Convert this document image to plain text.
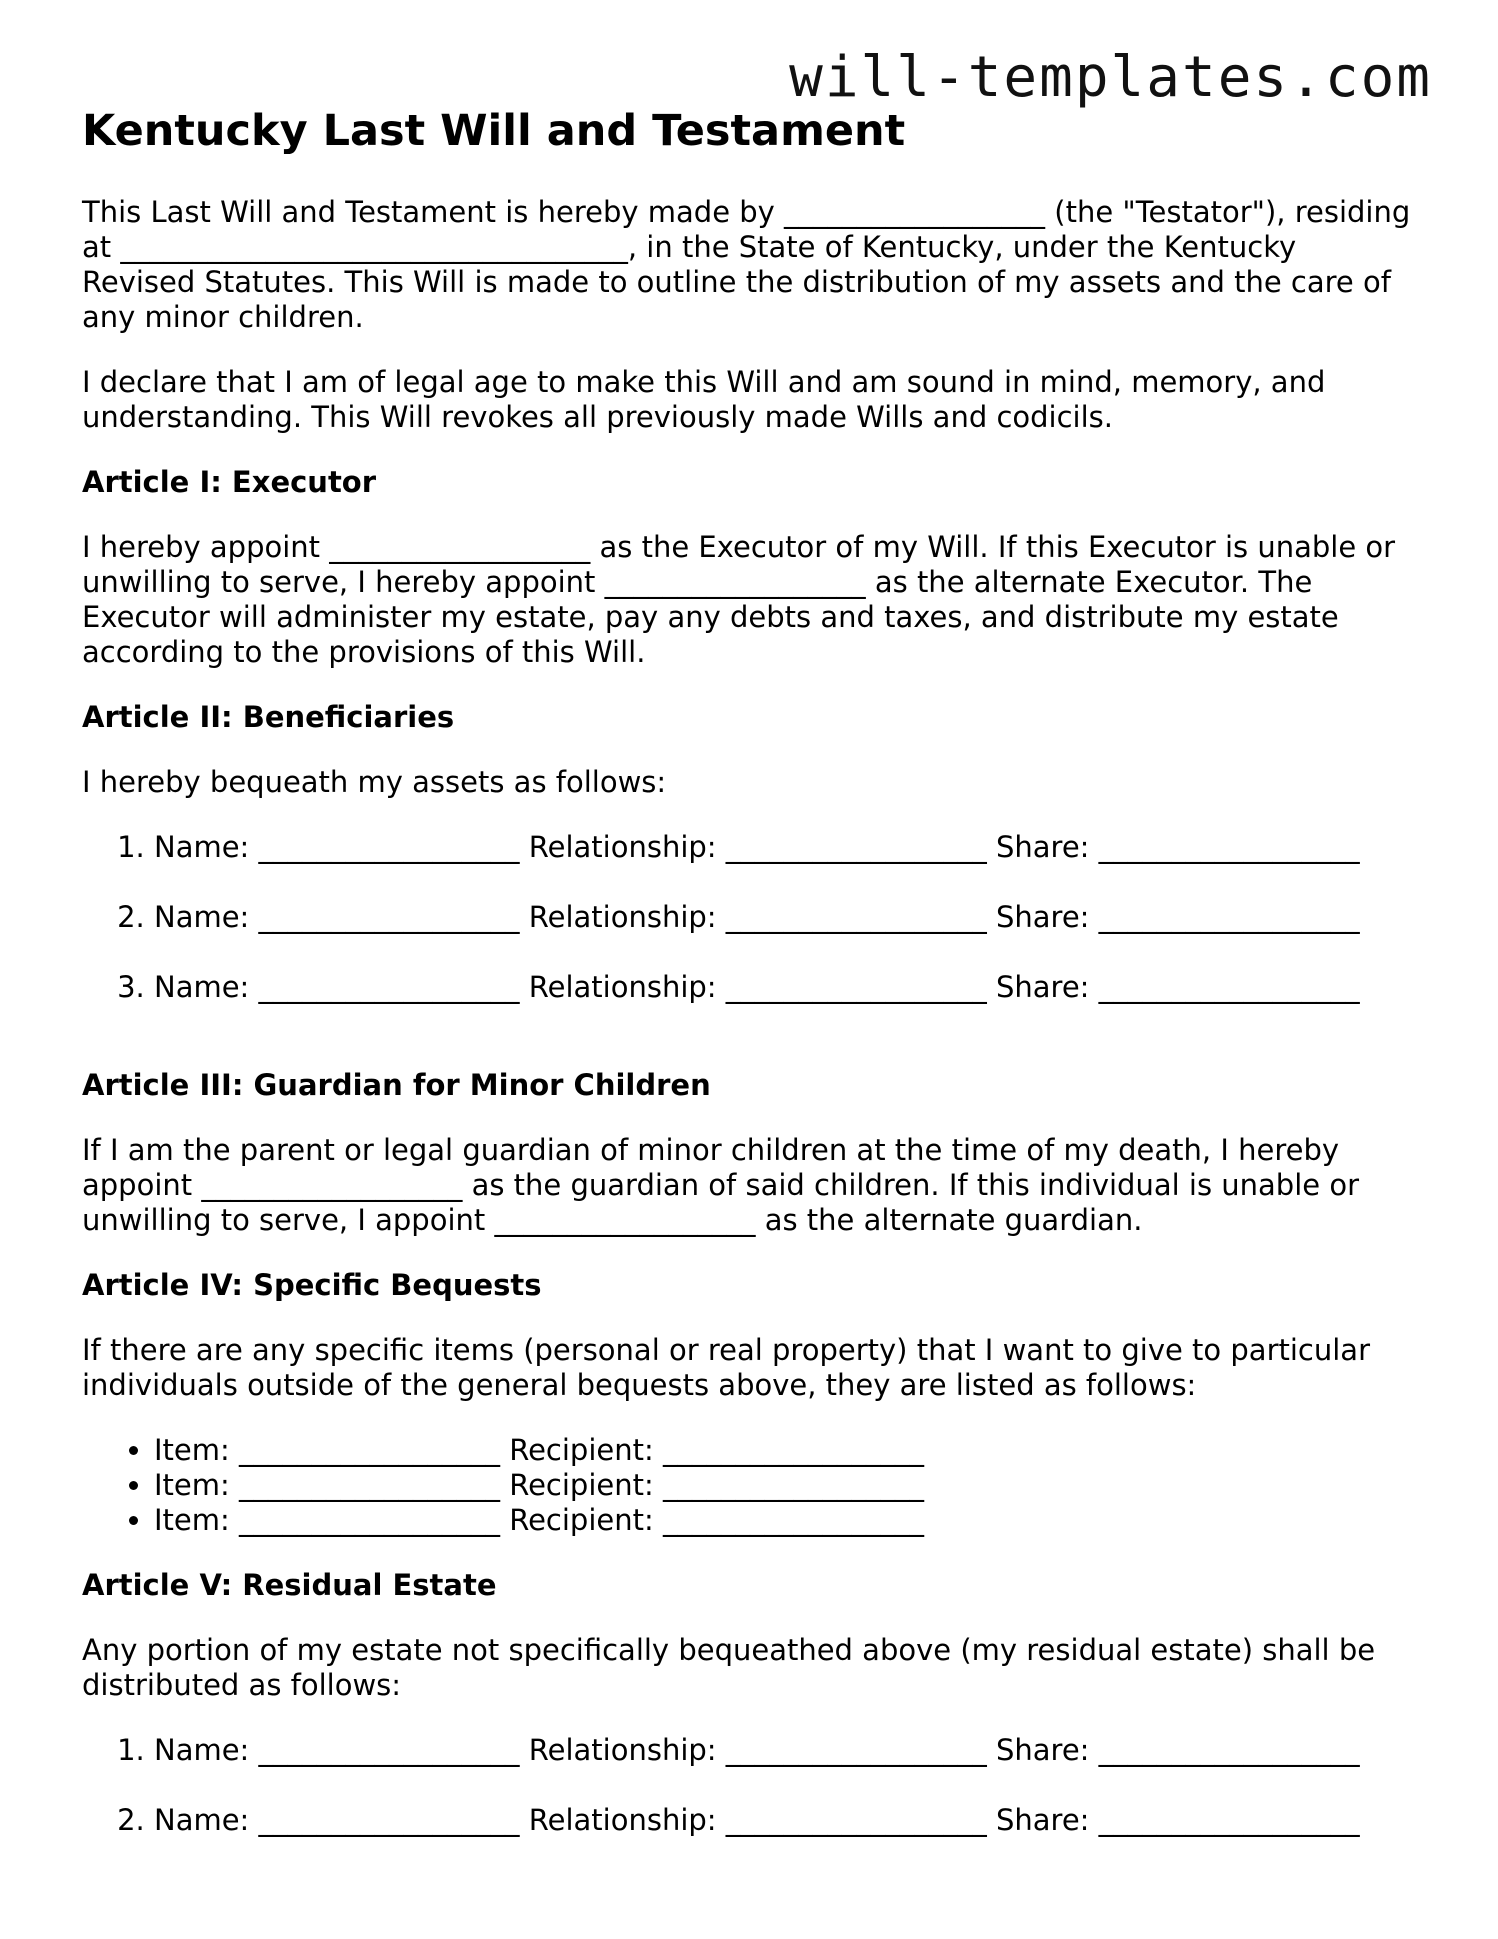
will-templates.com
Kentucky Last Will and Testament

This Last Will and Testament is hereby made by __________________ (the "Testator"), residing at ___________________________________, in the State of Kentucky, under the Kentucky Revised Statutes. This Will is made to outline the distribution of my assets and the care of any minor children.

I declare that I am of legal age to make this Will and am sound in mind, memory, and understanding. This Will revokes all previously made Wills and codicils.

Article I: Executor

I hereby appoint __________________ as the Executor of my Will. If this Executor is unable or unwilling to serve, I hereby appoint __________________ as the alternate Executor. The Executor will administer my estate, pay any debts and taxes, and distribute my estate according to the provisions of this Will.

Article II: Beneficiaries

I hereby bequeath my assets as follows:

1. Name: __________________ Relationship: __________________ Share: __________________
2. Name: __________________ Relationship: __________________ Share: __________________
3. Name: __________________ Relationship: __________________ Share: __________________
Article III: Guardian for Minor Children

If I am the parent or legal guardian of minor children at the time of my death, I hereby appoint __________________ as the guardian of said children. If this individual is unable or unwilling to serve, I appoint __________________ as the alternate guardian.

Article IV: Specific Bequests

If there are any specific items (personal or real property) that I want to give to particular individuals outside of the general bequests above, they are listed as follows:

• Item: __________________ Recipient: __________________
• Item: __________________ Recipient: __________________
• Item: __________________ Recipient: __________________
Article V: Residual Estate

Any portion of my estate not specifically bequeathed above (my residual estate) shall be distributed as follows:

1. Name: __________________ Relationship: __________________ Share: __________________
2. Name: __________________ Relationship: __________________ Share: __________________
